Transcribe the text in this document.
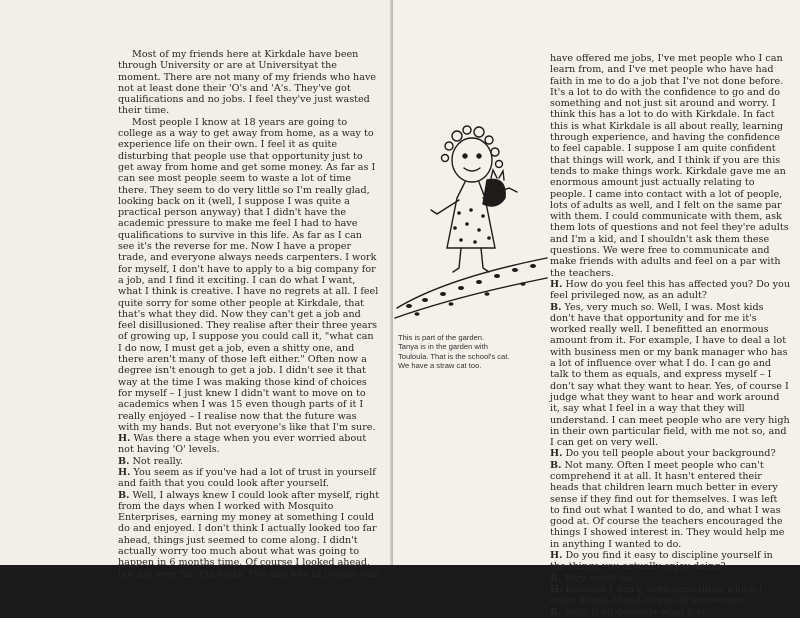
Most of my friends here at Kirkdale have been through University or are at Universityat the moment. There are not many of my friends who have not at least done their 'O's and 'A's. They've got qualifications and no jobs. I feel they've just wasted their time.

Most people I know at 18 years are going to college as a way to get away from home, as a way to experience life on their own. I feel it as quite disturbing that people use that opportunity just to get away from home and get some money. As far as I can see most people seem to waste a lot of time there. They seem to do very little so I'm really glad, looking back on it (well, I suppose I was quite a practical person anyway) that I didn't have the academic pressure to make me feel I had to have qualifications to survive in this life. As far as I can see it's the reverse for me. Now I have a proper trade, and everyone always needs carpenters. I work for myself, I don't have to apply to a big company for a job, and I find it exciting. I can do what I want, what I think is creative. I have no regrets at all. I feel quite sorry for some other people at Kirkdale, that that's what they did. Now they can't get a job and feel disillusioned. They realise after their three years of growing up, I suppose you could call it, "what can I do now, I must get a job, even a shitty one, and there aren't many of those left either." Often now a degree isn't enough to get a job. I didn't see it that way at the time I was making those kind of choices for myself – I just knew I didn't want to move on to academics when I was 15 even though parts of it I really enjoyed – I realise now that the future was with my hands. But not everyone's like that I'm sure.

H. Was there a stage when you ever worried about not having 'O' levels.

B. Not really.

H. You seem as if you've had a lot of trust in yourself and faith that you could look after yourself.

B. Well, I always knew I could look after myself, right from the days when I worked with Mosquito Enterprises, earning my money at something I could do and enjoyed. I don't think I actually looked too far ahead, things just seemed to come along. I didn't actually worry too much about what was going to happen in 6 months time. Of course I looked ahead, but not very far. I'm lucky. I've met lots of people who

This is part of the garden.
Tanya is in the garden with Touloula. That is the school's cat. We have a straw cat too.

have offered me jobs, I've met people who I can learn from, and I've met people who have had faith in me to do a job that I've not done before. It's a lot to do with the confidence to go and do something and not just sit around and worry. I think this has a lot to do with Kirkdale. In fact this is what Kirkdale is all about really, learning through experience, and having the confidence to feel capable. I suppose I am quite confident that things will work, and I think if you are this tends to make things work. Kirkdale gave me an enormous amount just actually relating to people. I came into contact with a lot of people, lots of adults as well, and I felt on the same par with them. I could communicate with them, ask them lots of questions and not feel they're adults and I'm a kid, and I shouldn't ask them these questions. We were free to communicate and make friends with adults and feel on a par with the teachers.

H. How do you feel this has affected you? Do you feel privileged now, as an adult?

B. Yes, very much so. Well, I was. Most kids don't have that opportunity and for me it's worked really well. I benefitted an enormous amount from it. For example, I have to deal a lot with business men or my bank manager who has a lot of influence over what I do. I can go and talk to them as equals, and express myself – I don't say what they want to hear. Yes, of course I judge what they want to hear and work around it, say what I feel in a way that they will understand. I can meet people who are very high in their own particular field, with me not so, and I can get on very well.

H. Do you tell people about your background?

B. Not many. Often I meet people who can't comprehend it at all. It hasn't entered their heads that children learn much better in every sense if they find out for themselves. I was left to find out what I wanted to do, and what I was good at. Of course the teachers encouraged the things I showed interest in. They would help me in anything I wanted to do.

H. Do you find it easy to discipline yourself in the things you actually enjoy doing?

B. Very much so.

H. Because I don't, even something which I enjoy doing, I tend to put off sometimes.

B. Well, it all depends what it is
